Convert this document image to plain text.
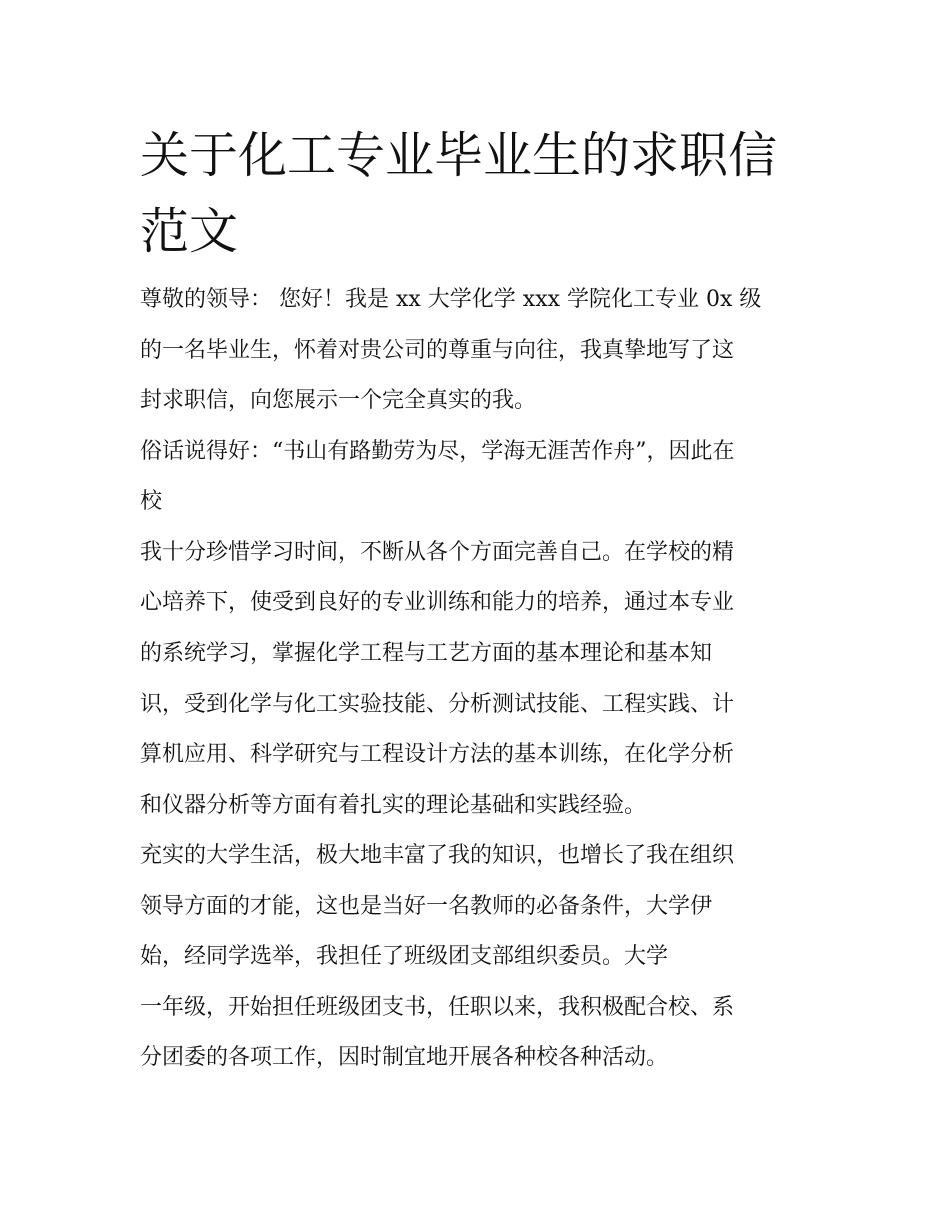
关于化工专业毕业生的求职信
范文

尊敬的领导： 您好！我是 xx 大学化学 xxx 学院化工专业 0x 级

的一名毕业生，怀着对贵公司的尊重与向往，我真挚地写了这

封求职信，向您展示一个完全真实的我。

俗话说得好：“书山有路勤劳为尽，学海无涯苦作舟”，因此在

校

我十分珍惜学习时间，不断从各个方面完善自己。在学校的精

心培养下，使受到良好的专业训练和能力的培养，通过本专业

的系统学习，掌握化学工程与工艺方面的基本理论和基本知

识，受到化学与化工实验技能、分析测试技能、工程实践、计

算机应用、科学研究与工程设计方法的基本训练，在化学分析

和仪器分析等方面有着扎实的理论基础和实践经验。

充实的大学生活，极大地丰富了我的知识，也增长了我在组织

领导方面的才能，这也是当好一名教师的必备条件，大学伊

始，经同学选举，我担任了班级团支部组织委员。大学

一年级，开始担任班级团支书，任职以来，我积极配合校、系

分团委的各项工作，因时制宜地开展各种校各种活动。
